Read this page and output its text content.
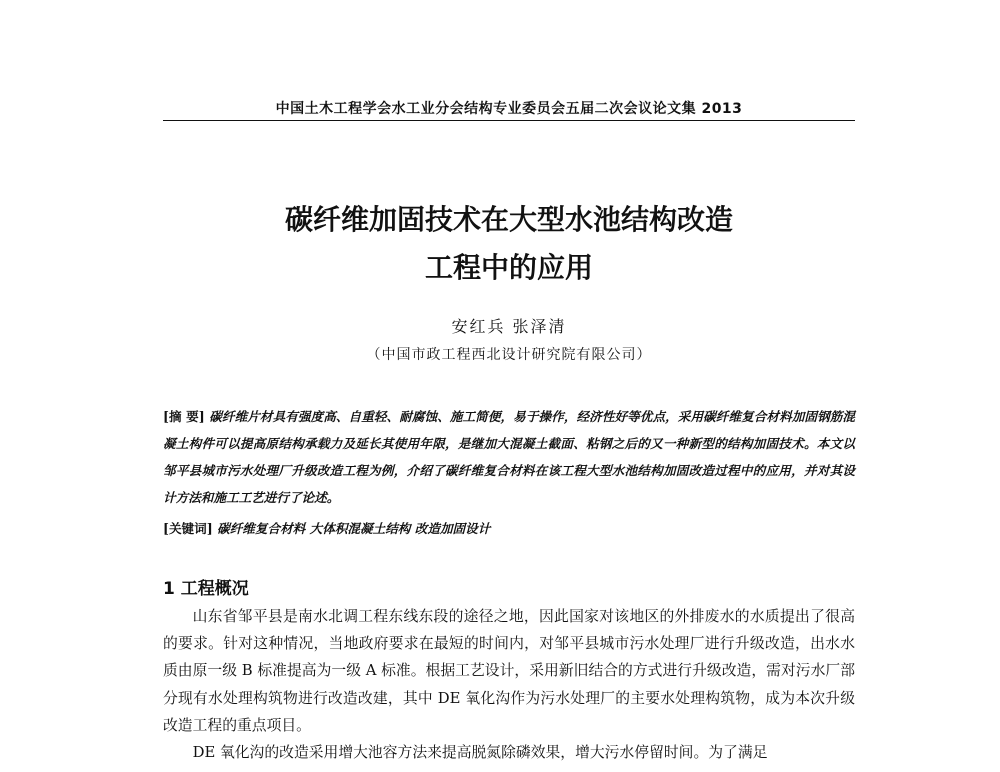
中国土木工程学会水工业分会结构专业委员会五届二次会议论文集 2013
碳纤维加固技术在大型水池结构改造
工程中的应用
安红兵 张泽清
（中国市政工程西北设计研究院有限公司）
[摘 要] 碳纤维片材具有强度高、自重轻、耐腐蚀、施工简便，易于操作，经济性好等优点，采用碳纤维复合材料加固钢筋混凝土构件可以提高原结构承载力及延长其使用年限，是继加大混凝土截面、粘钢之后的又一种新型的结构加固技术。本文以邹平县城市污水处理厂升级改造工程为例，介绍了碳纤维复合材料在该工程大型水池结构加固改造过程中的应用，并对其设计方法和施工工艺进行了论述。
[关键词] 碳纤维复合材料 大体积混凝土结构 改造加固设计
1 工程概况

山东省邹平县是南水北调工程东线东段的途径之地，因此国家对该地区的外排废水的水质提出了很高的要求。针对这种情况，当地政府要求在最短的时间内，对邹平县城市污水处理厂进行升级改造，出水水质由原一级 B 标准提高为一级 A 标准。根据工艺设计，采用新旧结合的方式进行升级改造，需对污水厂部分现有水处理构筑物进行改造改建，其中 DE 氧化沟作为污水处理厂的主要水处理构筑物，成为本次升级改造工程的重点项目。

DE 氧化沟的改造采用增大池容方法来提高脱氮除磷效果，增大污水停留时间。为了满足
